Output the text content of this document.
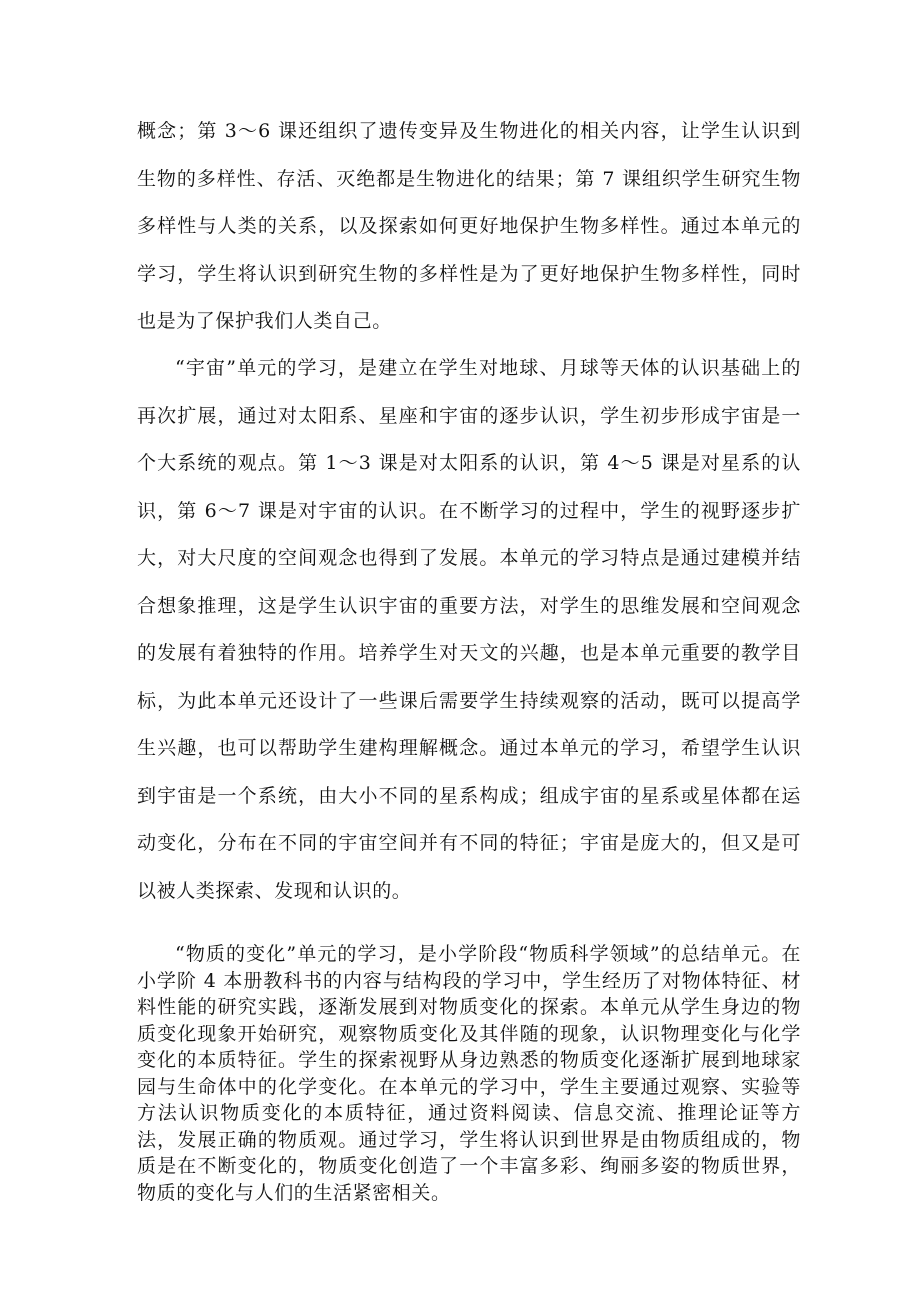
概念；第 3～6 课还组织了遗传变异及生物进化的相关内容，让学生认识到生物的多样性、存活、灭绝都是生物进化的结果；第 7 课组织学生研究生物多样性与人类的关系，以及探索如何更好地保护生物多样性。通过本单元的学习，学生将认识到研究生物的多样性是为了更好地保护生物多样性，同时也是为了保护我们人类自己。

“宇宙”单元的学习，是建立在学生对地球、月球等天体的认识基础上的再次扩展，通过对太阳系、星座和宇宙的逐步认识，学生初步形成宇宙是一个大系统的观点。第 1～3 课是对太阳系的认识，第 4～5 课是对星系的认识，第 6～7 课是对宇宙的认识。在不断学习的过程中，学生的视野逐步扩大，对大尺度的空间观念也得到了发展。本单元的学习特点是通过建模并结合想象推理，这是学生认识宇宙的重要方法，对学生的思维发展和空间观念的发展有着独特的作用。培养学生对天文的兴趣，也是本单元重要的教学目标，为此本单元还设计了一些课后需要学生持续观察的活动，既可以提高学生兴趣，也可以帮助学生建构理解概念。通过本单元的学习，希望学生认识到宇宙是一个系统，由大小不同的星系构成；组成宇宙的星系或星体都在运动变化，分布在不同的宇宙空间并有不同的特征；宇宙是庞大的，但又是可以被人类探索、发现和认识的。

“物质的变化”单元的学习，是小学阶段“物质科学领域”的总结单元。在小学阶 4 本册教科书的内容与结构段的学习中，学生经历了对物体特征、材料性能的研究实践，逐渐发展到对物质变化的探索。本单元从学生身边的物质变化现象开始研究，观察物质变化及其伴随的现象，认识物理变化与化学变化的本质特征。学生的探索视野从身边熟悉的物质变化逐渐扩展到地球家园与生命体中的化学变化。在本单元的学习中，学生主要通过观察、实验等方法认识物质变化的本质特征，通过资料阅读、信息交流、推理论证等方法，发展正确的物质观。通过学习，学生将认识到世界是由物质组成的，物质是在不断变化的，物质变化创造了一个丰富多彩、绚丽多姿的物质世界，物质的变化与人们的生活紧密相关。
